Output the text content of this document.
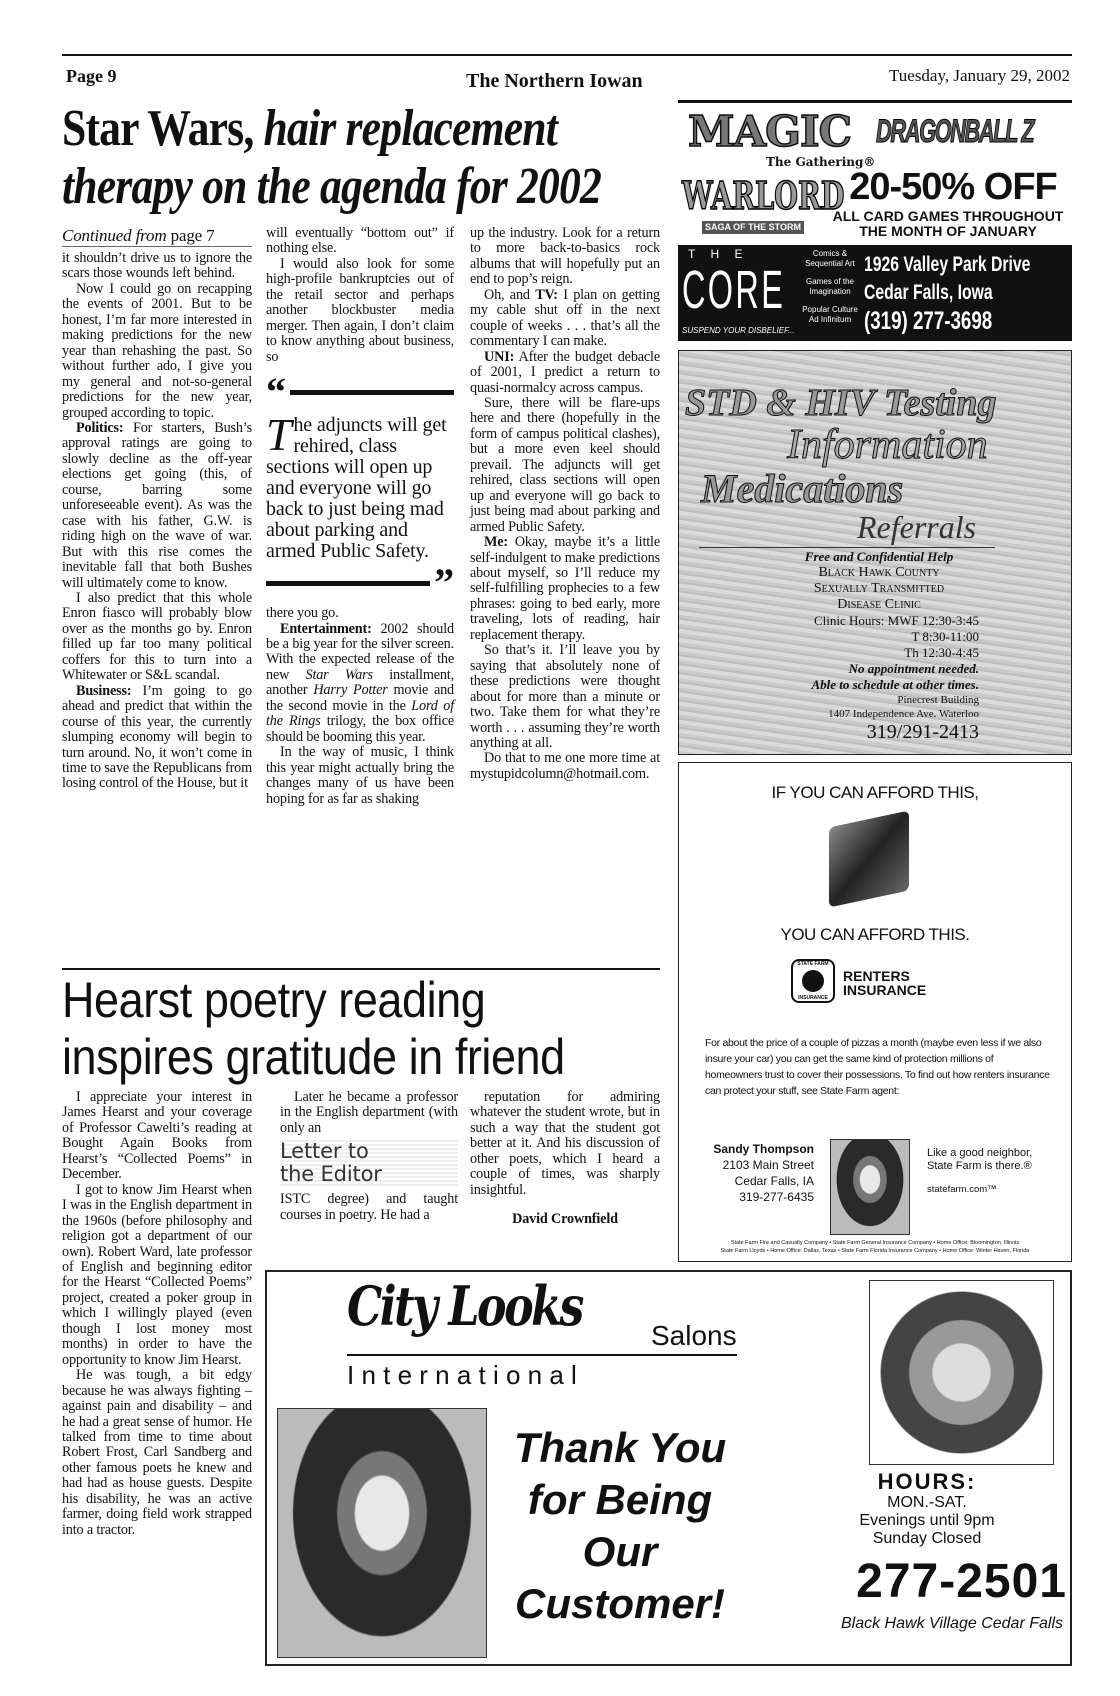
Page 9	The Northern Iowan	Tuesday, January 29, 2002
Star Wars, hair replacement
therapy on the agenda for 2002
Continued from page 7

it shouldn’t drive us to ignore the scars those wounds left behind.

Now I could go on recapping the events of 2001. But to be honest, I’m far more interested in making predictions for the new year than rehashing the past. So without further ado, I give you my general and not-so-general predictions for the new year, grouped according to topic.

Politics: For starters, Bush’s approval ratings are going to slowly decline as the off-year elections get going (this, of course, barring some unforeseeable event). As was the case with his father, G.W. is riding high on the wave of war. But with this rise comes the inevitable fall that both Bushes will ultimately come to know.

I also predict that this whole Enron fiasco will probably blow over as the months go by. Enron filled up far too many political coffers for this to turn into a Whitewater or S&L scandal.

Business: I’m going to go ahead and predict that within the course of this year, the currently slumping economy will begin to turn around. No, it won’t come in time to save the Republicans from losing control of the House, but it

will eventually “bottom out” if nothing else.

I would also look for some high-profile bankruptcies out of the retail sector and perhaps another blockbuster media merger. Then again, I don’t claim to know anything about business, so

“
The adjuncts will get rehired, class sections will open up and everyone will go back to just being mad about parking and armed Public Safety.
”

there you go.

Entertainment: 2002 should be a big year for the silver screen. With the expected release of the new Star Wars installment, another Harry Potter movie and the second movie in the Lord of the Rings trilogy, the box office should be booming this year.

In the way of music, I think this year might actually bring the changes many of us have been hoping for as far as shaking

up the industry. Look for a return to more back-to-basics rock albums that will hopefully put an end to pop’s reign.

Oh, and TV: I plan on getting my cable shut off in the next couple of weeks . . . that’s all the commentary I can make.

UNI: After the budget debacle of 2001, I predict a return to quasi-normalcy across campus.

Sure, there will be flare-ups here and there (hopefully in the form of campus political clashes), but a more even keel should prevail. The adjuncts will get rehired, class sections will open up and everyone will go back to just being mad about parking and armed Public Safety.

Me: Okay, maybe it’s a little self-indulgent to make predictions about myself, so I’ll reduce my self-fulfilling prophecies to a few phrases: going to bed early, more traveling, lots of reading, hair replacement therapy.

So that’s it. I’ll leave you by saying that absolutely none of these predictions were thought about for more than a minute or two. Take them for what they’re worth . . . assuming they’re worth anything at all.

Do that to me one more time at mystupidcolumn@hotmail.com.

Hearst poetry reading
inspires gratitude in friend

I appreciate your interest in James Hearst and your coverage of Professor Cawelti’s reading at Bought Again Books from Hearst’s “Collected Poems” in December.

I got to know Jim Hearst when I was in the English department in the 1960s (before philosophy and religion got a department of our own). Robert Ward, late professor of English and beginning editor for the Hearst “Collected Poems” project, created a poker group in which I willingly played (even though I lost money most months) in order to have the opportunity to know Jim Hearst.

He was tough, a bit edgy because he was always fighting – against pain and disability – and he had a great sense of humor. He talked from time to time about Robert Frost, Carl Sandberg and other famous poets he knew and had had as house guests. Despite his disability, he was an active farmer, doing field work strapped into a tractor.

Later he became a professor in the English department (with only an

Letter to
the Editor

ISTC degree) and taught courses in poetry. He had a

reputation for admiring whatever the student wrote, but in such a way that the student got better at it. And his discussion of other poets, which I heard a couple of times, was sharply insightful.

David Crownfield
MAGIC
The Gathering®
DRAGONBALL Z
WARLORD
SAGA OF THE STORM
20-50% OFF
ALL CARD GAMES THROUGHOUT
THE MONTH OF JANUARY
T H E
CORE
SUSPEND YOUR DISBELIEF...
Comics & Sequential Art
Games of the Imagination
Popular Culture Ad Infinitum
1926 Valley Park Drive
Cedar Falls, Iowa
(319) 277-3698
STD & HIV Testing
Information
Medications
Referrals
Free and Confidential Help
Black Hawk County
Sexually Transmitted
Disease Clinic
Clinic Hours: MWF 12:30-3:45
T 8:30-11:00
Th 12:30-4:45
No appointment needed.
Able to schedule at other times.
Pinecrest Building
1407 Independence Ave. Waterloo
319/291-2413
IF YOU CAN AFFORD THIS,
YOU CAN AFFORD THIS.
STATE FARM
INSURANCE
RENTERS
INSURANCE
For about the price of a couple of pizzas a month (maybe even less if we also insure your car) you can get the same kind of protection millions of homeowners trust to cover their possessions. To find out how renters insurance can protect your stuff, see State Farm agent:
Sandy Thompson
2103 Main Street
Cedar Falls, IA
319-277-6435
Like a good neighbor, State Farm is there.®
statefarm.com™
State Farm Fire and Casualty Company • State Farm General Insurance Company • Home Office: Bloomington, Illinois
State Farm Lloyds • Home Office: Dallas, Texas • State Farm Florida Insurance Company • Home Office: Winter Haven, Florida
City Looks Salons
I n t e r n a t i o n a l
Thank You
for Being
Our
Customer!
HOURS:
MON.-SAT.
Evenings until 9pm
Sunday Closed
277-2501
Black Hawk Village Cedar Falls
